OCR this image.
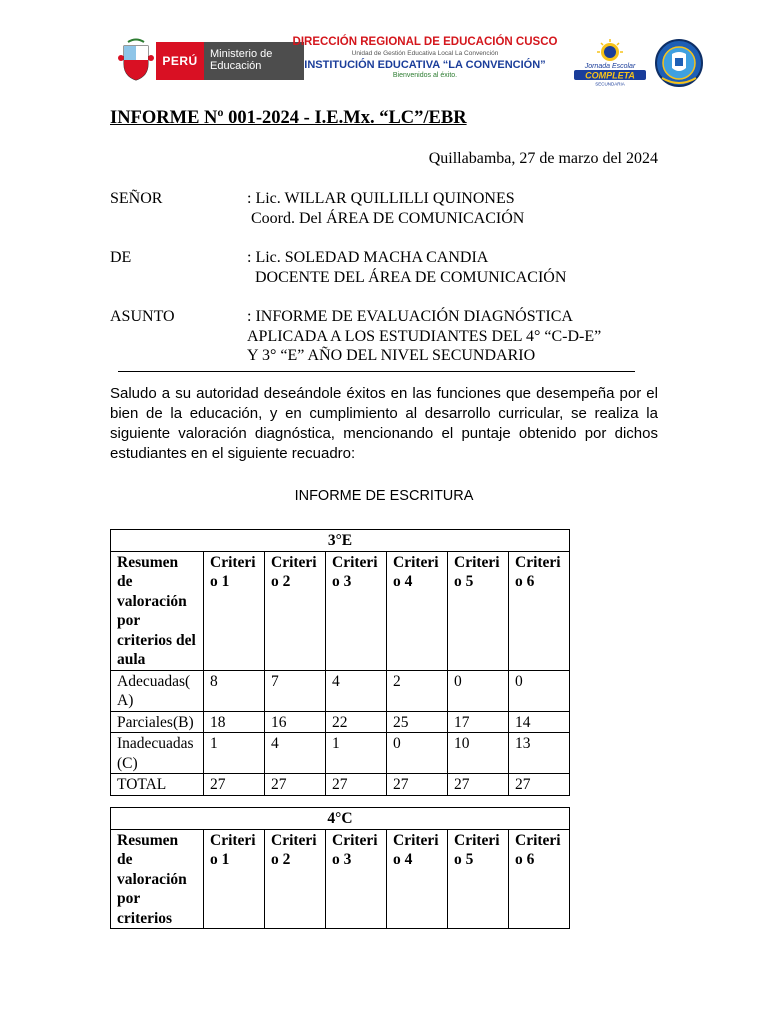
PERÚ	Ministerio de Educación
DIRECCIÓN REGIONAL DE EDUCACIÓN CUSCO
Unidad de Gestión Educativa Local La Convención
INSTITUCIÓN EDUCATIVA “LA CONVENCIÓN”
Bienvenidos al éxito.
Jornada Escolar
COMPLETA
SECUNDARIA
INFORME Nº 001-2024 - I.E.Mx. “LC”/EBR
Quillabamba, 27 de marzo del 2024
SEÑOR	: Lic. WILLAR QUILLILLI QUINONES
Coord. Del ÁREA DE COMUNICACIÓN
DE	: Lic. SOLEDAD MACHA CANDIA
DOCENTE DEL ÁREA DE COMUNICACIÓN
ASUNTO	: INFORME DE EVALUACIÓN DIAGNÓSTICA
APLICADA A LOS ESTUDIANTES DEL 4° “C-D-E”
Y 3° “E” AÑO DEL NIVEL SECUNDARIO
Saludo a su autoridad deseándole éxitos en las funciones que desempeña por el bien de la educación, y en cumplimiento al desarrollo curricular, se realiza la siguiente valoración diagnóstica, mencionando el puntaje obtenido por dichos estudiantes en el siguiente recuadro:
INFORME DE ESCRITURA
3°E						
Resumen de valoración por criterios del aula	Criteri o 1	Criteri o 2	Criteri o 3	Criteri o 4	Criteri o 5	Criteri o 6
Adecuadas( A)	8	7	4	2	0	0
Parciales(B)	18	16	22	25	17	14
Inadecuadas (C)	1	4	1	0	10	13
TOTAL	27	27	27	27	27	27
4°C
Resumen de valoración por criterios	Criteri o 1	Criteri o 2	Criteri o 3	Criteri o 4	Criteri o 5	Criteri o 6
